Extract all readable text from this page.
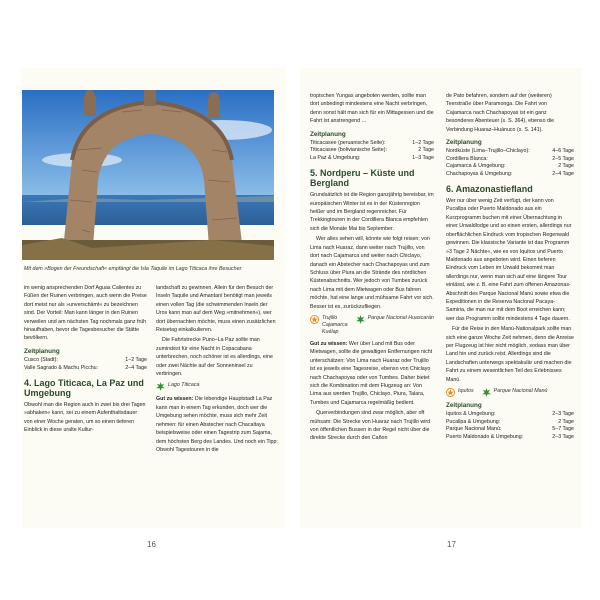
Mit dem »Bogen der Freundschaft« empfängt die Isla Taquile im Lago Titicaca ihre Besucher

im wenig ansprechenden Dorf Aguas Calientes zu Füßen der Ruinen verbringen, auch wenn die Preise dort meist nur als »unverschämt« zu bezeichnen sind. Der Vorteil: Man kann länger in den Ruinen verweilen und am nächsten Tag nochmals ganz früh hinaufhaben, bevor die Tagesbesucher die Stätte bevölkern.

Zeitplanung
Cusco (Stadt):	1–2 Tage
Valle Sagrado & Machu Picchu:	2–4 Tage
4. Lago Titicaca, La Paz und Umgebung

Obwohl man die Region auch in zwei bis drei Tagen »abhaken« kann, sei zu einem Aufenthaltsdauer von einer Woche geraten, um so einen tieferen Einblick in diese uralte Kultur-

landschaft zu gewinnen. Allein für den Besuch der Inseln Taquile und Amantaní benötigt man jeweils einen vollen Tag (die schwimmenden Inseln der Uros kann man auf dem Weg »mitnehmen«), wer dort übernachten möchte, muss einen zusätzlichen Reisetag einkalkulieren.

Die Fahrtstrecke Puno–La Paz sollte man zumindest für eine Nacht in Copacabana unterbrechen, noch schöner ist es allerdings, eine oder zwei Nächte auf der Sonneninsel zu verbringen.

Lago Titicaca

Gut zu wissen: Die lebendige Hauptstadt La Paz kann man in einem Tag erkunden, doch wer die Umgebung sehen möchte, muss sich mehr Zeit nehmen: für einen Abstecher nach Chacaltaya beispielsweise oder einen Tagestrip zum Sajama, dem höchsten Berg des Landes. Und noch ein Tipp: Obwohl Tagestouren in die

16

tropischen Yungas angeboten werden, sollte man dort unbedingt mindestens eine Nacht verbringen, denn sonst hält man sich für ein Mittagessen und die Fahrt ist anstrengend …

Zeitplanung
Titicacasee (peruanische Seite):	1–2 Tage
Titicacasee (bolivianische Seite):	2 Tage
La Paz & Umgebung:	1–3 Tage
5. Nordperu – Küste und Bergland

Grundsätzlich ist die Region ganzjährig bereisbar, im europäischen Winter ist es in der Küstenregion heißer und im Bergland regenreicher. Für Trekkingtouren in der Cordillera Blanca empfehlen sich die Monate Mai bis September.

Wer alles sehen will, könnte wie folgt reisen: von Lima nach Huaraz, dann weiter nach Trujillo, von dort nach Cajamarca und weiter nach Chiclayo, danach ein Abstecher nach Chachapoyas und zum Schluss über Piura an die Strände des nördlichen Küstenabschnitts. Wer jedoch von Tumbes zurück nach Lima mit dem Mietwagen oder Bus fahren möchte, hat eine lange und mühsame Fahrt vor sich. Besser ist es, zurückzufliegen.

Trujillo
Cajamarca
Kuélap
Parque Nacional Huascarán

Gut zu wissen: Wer über Land mit Bus oder Mietwagen, sollte die gewaltigen Entfernungen nicht unterschätzen: Von Lima nach Huaraz oder Trujillo ist es jeweils eine Tagesreise, ebenso von Chiclayo nach Chachapoyas oder von Tumbes. Daher bietet sich die Kombination mit dem Flugzeug an: Von Lima aus werden Trujillo, Chiclayo, Piura, Talara, Tumbes und Cajamarca regelmäßig bedient.

Querverbindungen sind zwar möglich, aber oft mühsam: Die Strecke von Huaraz nach Trujillo wird von öffentlichen Bussen in der Regel nicht über die direkte Strecke durch den Cañon

de Pato befahren, sondern auf der (weiteren) Teerstraße über Paramonga. Die Fahrt von Cajamarca nach Chachapoyas ist ein ganz besonderes Abenteuer (s. S. 364), ebenso die Verbindung Huaraz–Huánuco (s. S. 141).

Zeitplanung
Nordküste (Lima–Trujillo–Chiclayo):	4–6 Tage
Cordillera Blanca:	2–5 Tage
Cajamarca & Umgebung:	2 Tage
Chachapoyas & Umgebung:	2–4 Tage
6. Amazonastiefland

Wer nur über wenig Zeit verfügt, der kann von Pucallpa oder Puerto Maldonado aus ein Kurzprogramm buchen mit einer Übernachtung in einer Urwaldlodge und so einen ersten, allerdings nur oberflächlichen Eindruck vom tropischen Regenwald gewinnen. Die klassische Variante ist das Programm »3 Tage 2 Nächte«, wie es von Iquitos und Puerto Maldonado aus angeboten wird. Einen tieferen Eindruck vom Leben im Urwald bekommt man allerdings nur, wenn man sich auf eine längere Tour einlässt, wie z. B. eine Fahrt zum offenen Amazonas-Abschnitt des Parque Nacional Manú sowie etwa die Expeditionen in die Reserva Nacional Pacaya-Samiria, die man nur mit dem Boot erreichen kann; wer das Programm sollte mindestens 4 Tage dauern.

Für die Reise in den Manú-Nationalpark sollte man sich eine ganze Woche Zeit nehmen, denn die Anreise per Flugzeug ist hier nicht möglich, sodass man über Land hin und zurück reist. Allerdings sind die Landschaften unterwegs spektakulär und machen die Fahrt zu einem wesentlichen Teil des Erlebnisses Manú.

Iquitos	Parque Nacional Manú
Zeitplanung
Iquitos & Umgebung:	2–3 Tage
Pucallpa & Umgebung:	2 Tage
Parque Nacional Manú:	5–7 Tage
Puerto Maldonado & Umgebung:	2–3 Tage
17
